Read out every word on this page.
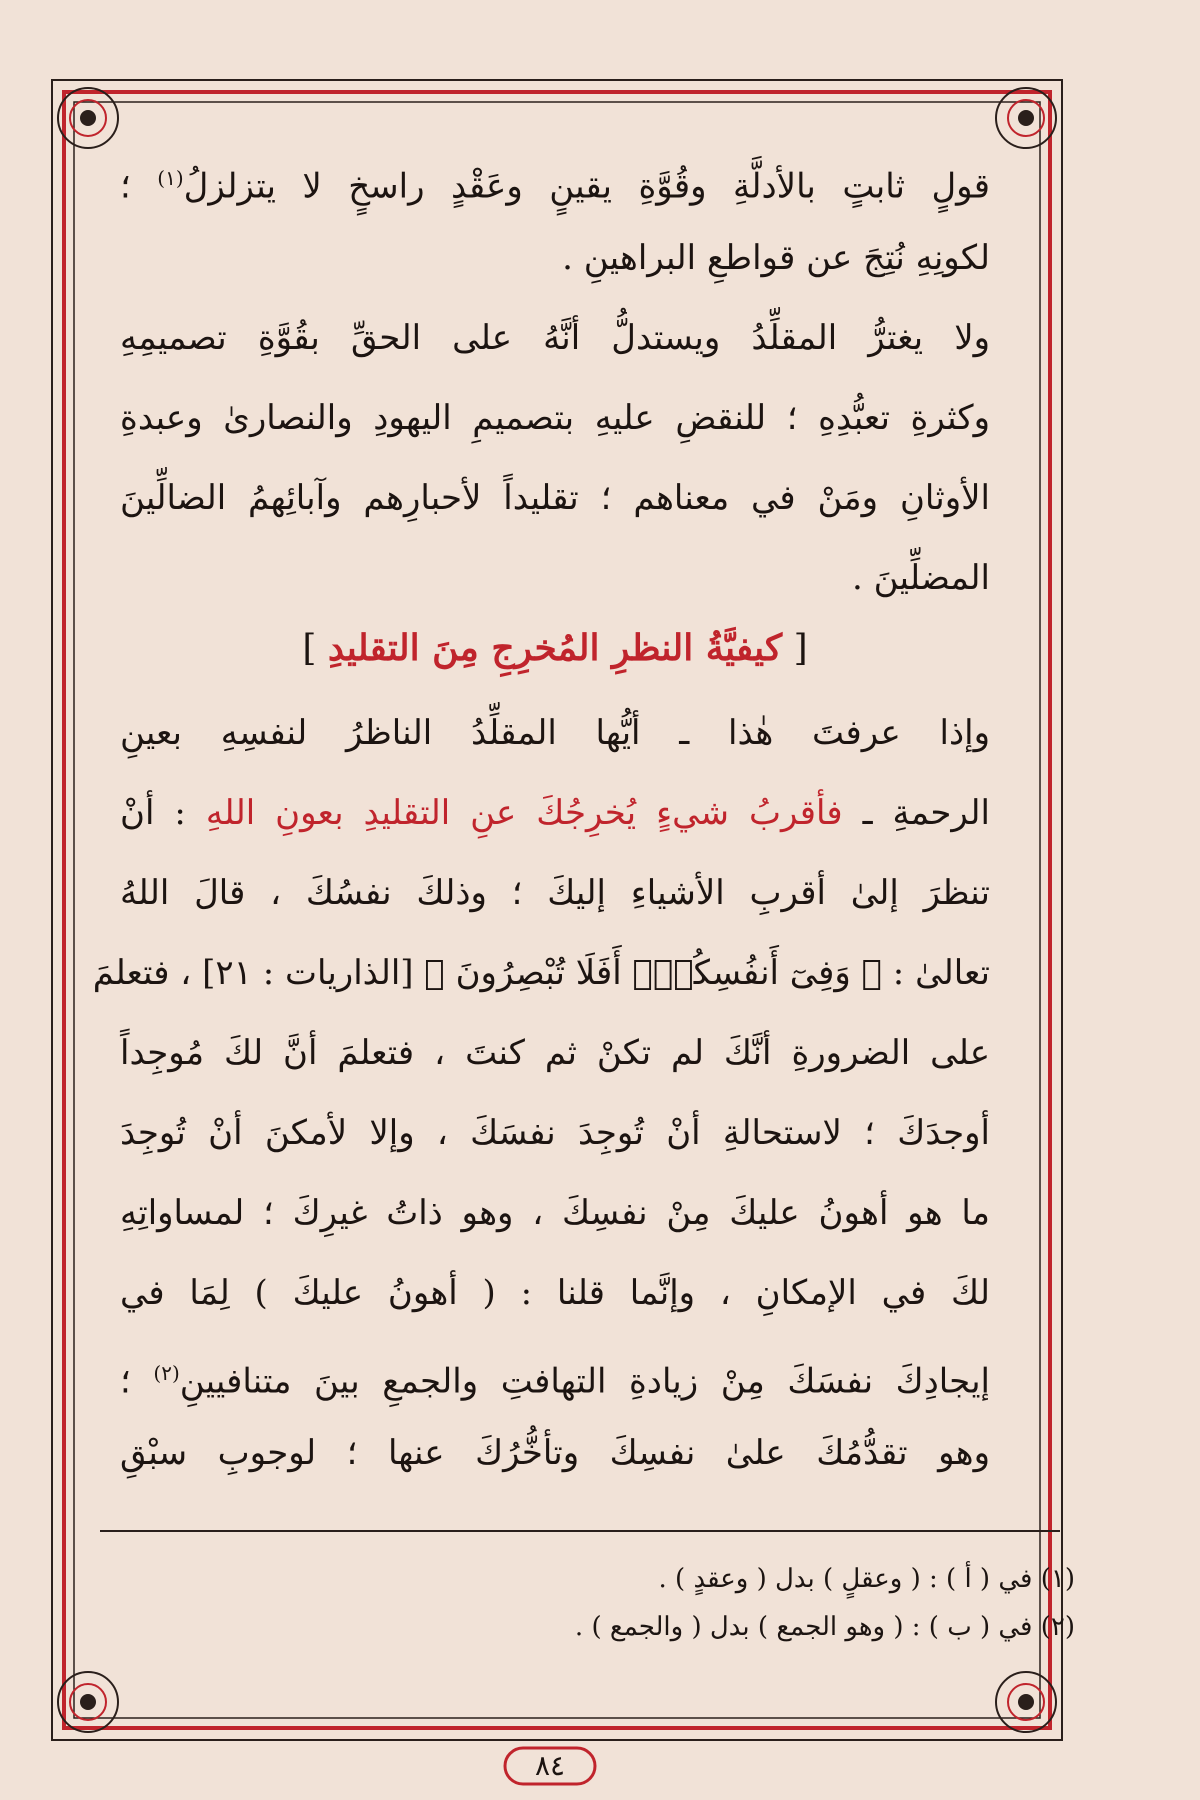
قولٍ ثابتٍ بالأدلَّةِ وقُوَّةِ يقينٍ وعَقْدٍ راسخٍ لا يتزلزلُ$^{(١)}$ ؛
لكونِهِ نُتِجَ عن قواطعِ البراهينِ .
ولا يغترُّ المقلِّدُ ويستدلُّ أنَّهُ على الحقِّ بقُوَّةِ تصميمِهِ
وكثرةِ تعبُّدِهِ ؛ للنقضِ عليهِ بتصميمِ اليهودِ والنصارىٰ وعبدةِ
الأوثانِ ومَنْ في معناهم ؛ تقليداً لأحبارِهم وآبائِهمُ الضالِّينَ
المضلِّينَ .
[ كيفيَّةُ النظرِ المُخرِجِ مِنَ التقليدِ ]
وإذا عرفتَ هٰذا ـ أيُّها المقلِّدُ الناظرُ لنفسِهِ بعينِ
الرحمةِ ـ فأقربُ شيءٍ يُخرِجُكَ عنِ التقليدِ بعونِ اللهِ : أنْ
تنظرَ إلىٰ أقربِ الأشياءِ إليكَ ؛ وذلكَ نفسُكَ ، قالَ اللهُ
تعالىٰ : ﴿ وَفِىٓ أَنفُسِكُمْۚ أَفَلَا تُبْصِرُونَ ﴾ [الذاريات : ٢١] ، فتعلمَ
على الضرورةِ أنَّكَ لم تكنْ ثم كنتَ ، فتعلمَ أنَّ لكَ مُوجِداً
أوجدَكَ ؛ لاستحالةِ أنْ تُوجِدَ نفسَكَ ، وإلا لأمكنَ أنْ تُوجِدَ
ما هو أهونُ عليكَ مِنْ نفسِكَ ، وهو ذاتُ غيرِكَ ؛ لمساواتِهِ
لكَ في الإمكانِ ، وإنَّما قلنا : ( أهونُ عليكَ ) لِمَا في
إيجادِكَ نفسَكَ مِنْ زيادةِ التهافتِ والجمعِ بينَ متنافيينِ$^{(٢)}$ ؛
وهو تقدُّمُكَ علىٰ نفسِكَ وتأخُّرُكَ عنها ؛ لوجوبِ سبْقِ
(١) في ( أ ) : ( وعقلٍ ) بدل ( وعقدٍ ) .
(٢) في ( ب ) : ( وهو الجمع ) بدل ( والجمع ) .
٨٤
